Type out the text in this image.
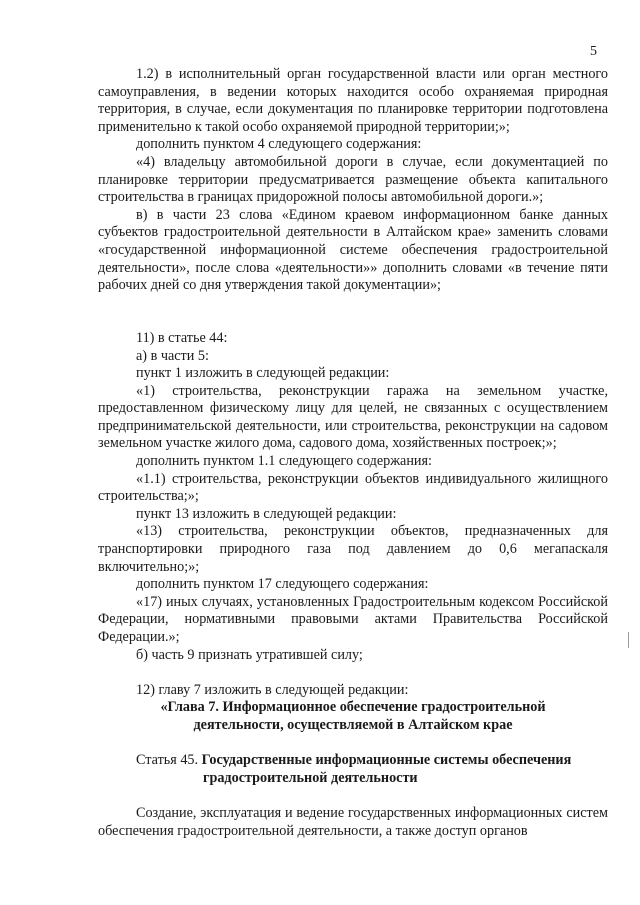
5

1.2) в исполнительный орган государственной власти или орган местного самоуправления, в ведении которых находится особо охраняемая природная территория, в случае, если документация по планировке территории подготовлена применительно к такой особо охраняемой природной территории;»;

дополнить пунктом 4 следующего содержания:

«4) владельцу автомобильной дороги в случае, если документацией по планировке территории предусматривается размещение объекта капитального строительства в границах придорожной полосы автомобильной дороги.»;

в) в части 23 слова «Едином краевом информационном банке данных субъектов градостроительной деятельности в Алтайском крае» заменить словами «государственной информационной системе обеспечения градостроительной деятельности», после слова «деятельности»» дополнить словами «в течение пяти рабочих дней со дня утверждения такой документации»;

11) в статье 44:

а) в части 5:

пункт 1 изложить в следующей редакции:

«1) строительства, реконструкции гаража на земельном участке, предоставленном физическому лицу для целей, не связанных с осуществлением предпринимательской деятельности, или строительства, реконструкции на садовом земельном участке жилого дома, садового дома, хозяйственных построек;»;

дополнить пунктом 1.1 следующего содержания:

«1.1) строительства, реконструкции объектов индивидуального жилищного строительства;»;

пункт 13 изложить в следующей редакции:

«13) строительства, реконструкции объектов, предназначенных для транспортировки природного газа под давлением до 0,6 мегапаскаля включительно;»;

дополнить пунктом 17 следующего содержания:

«17) иных случаях, установленных Градостроительным кодексом Российской Федерации, нормативными правовыми актами Правительства Российской Федерации.»;

б) часть 9 признать утратившей силу;

12) главу 7 изложить в следующей редакции:

«Глава 7. Информационное обеспечение градостроительной

деятельности, осуществляемой в Алтайском крае

Статья 45. Государственные информационные системы обеспечения
градостроительной деятельности

Создание, эксплуатация и ведение государственных информационных систем обеспечения градостроительной деятельности, а также доступ органов
